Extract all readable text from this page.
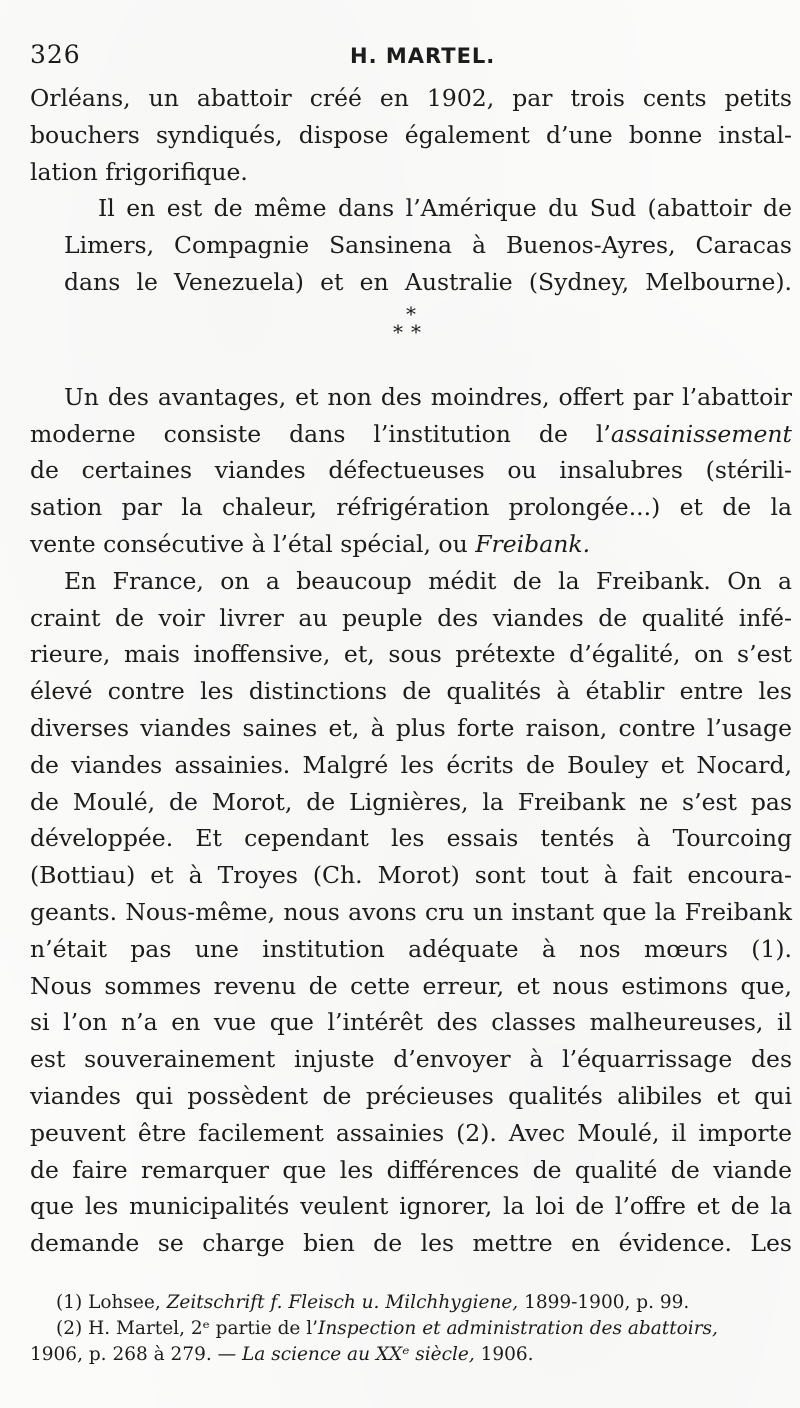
326	H. MARTEL.

Orléans, un abattoir créé en 1902, par trois cents petits
bouchers syndiqués, dispose également d’une bonne instal-
lation frigorifique.

Il en est de même dans l’Amérique du Sud (abattoir de
Limers, Compagnie Sansinena à Buenos-Ayres, Caracas
dans le Venezuela) et en Australie (Sydney, Melbourne).

*
**

Un des avantages, et non des moindres, offert par l’abattoir
moderne consiste dans l’institution de l’assainissement
de certaines viandes défectueuses ou insalubres (stérili-
sation par la chaleur, réfrigération prolongée...) et de la
vente consécutive à l’étal spécial, ou Freibank.

En France, on a beaucoup médit de la Freibank. On a
craint de voir livrer au peuple des viandes de qualité infé-
rieure, mais inoffensive, et, sous prétexte d’égalité, on s’est
élevé contre les distinctions de qualités à établir entre les
diverses viandes saines et, à plus forte raison, contre l’usage
de viandes assainies. Malgré les écrits de Bouley et Nocard,
de Moulé, de Morot, de Lignières, la Freibank ne s’est pas
développée. Et cependant les essais tentés à Tourcoing
(Bottiau) et à Troyes (Ch. Morot) sont tout à fait encoura-
geants. Nous-même, nous avons cru un instant que la Freibank
n’était pas une institution adéquate à nos mœurs (1).
Nous sommes revenu de cette erreur, et nous estimons que,
si l’on n’a en vue que l’intérêt des classes malheureuses, il
est souverainement injuste d’envoyer à l’équarrissage des
viandes qui possèdent de précieuses qualités alibiles et qui
peuvent être facilement assainies (2). Avec Moulé, il importe
de faire remarquer que les différences de qualité de viande
que les municipalités veulent ignorer, la loi de l’offre et de la
demande se charge bien de les mettre en évidence. Les

(1) Lohsee, Zeitschrift f. Fleisch u. Milchhygiene, 1899-1900, p. 99.
(2) H. Martel, 2ᵉ partie de l’Inspection et administration des abattoirs,
1906, p. 268 à 279. — La science au XXᵉ siècle, 1906.
